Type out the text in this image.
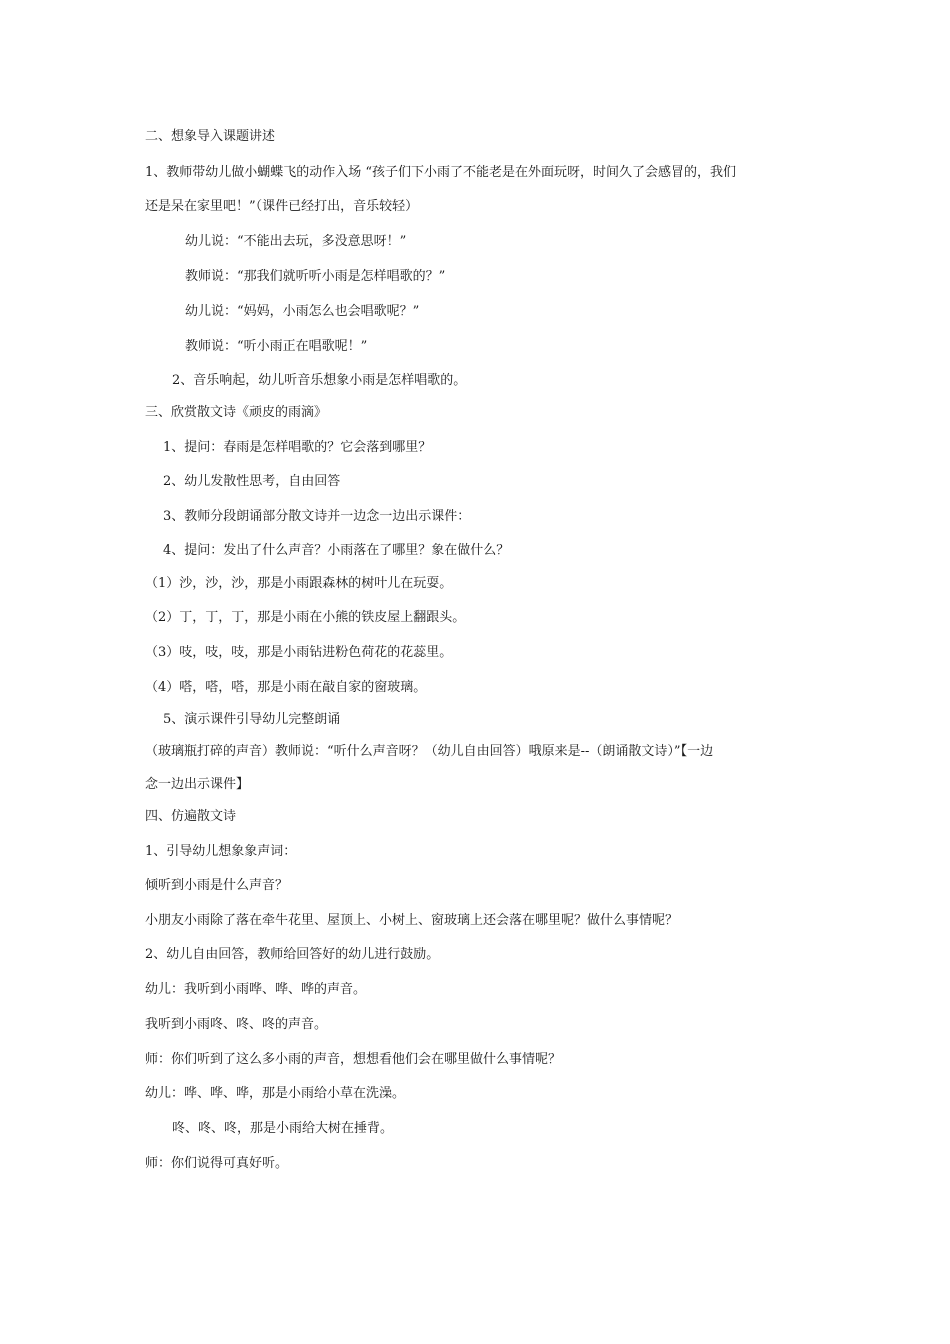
二、想象导入课题讲述
1、教师带幼儿做小蝴蝶飞的动作入场 “孩子们下小雨了不能老是在外面玩呀，时间久了会感冒的，我们
还是呆在家里吧！”（课件已经打出，音乐较轻）
幼儿说：“不能出去玩，多没意思呀！”
教师说：“那我们就听听小雨是怎样唱歌的？”
幼儿说：“妈妈，小雨怎么也会唱歌呢？”
教师说：“听小雨正在唱歌呢！”
2、音乐响起，幼儿听音乐想象小雨是怎样唱歌的。
三、欣赏散文诗《顽皮的雨滴》
1、提问：春雨是怎样唱歌的？它会落到哪里？
2、幼儿发散性思考，自由回答
3、教师分段朗诵部分散文诗并一边念一边出示课件：
4、提问：发出了什么声音？小雨落在了哪里？象在做什么？
（1）沙，沙，沙，那是小雨跟森林的树叶儿在玩耍。
（2）丁，丁，丁，那是小雨在小熊的铁皮屋上翻跟头。
（3）吱，吱，吱，那是小雨钻进粉色荷花的花蕊里。
（4）嗒，嗒，嗒，那是小雨在敲自家的窗玻璃。
5、演示课件引导幼儿完整朗诵
（玻璃瓶打碎的声音）教师说：“听什么声音呀？（幼儿自由回答）哦原来是--（朗诵散文诗）”【一边
念一边出示课件】
四、仿遍散文诗
1、引导幼儿想象象声词：
倾听到小雨是什么声音？
小朋友小雨除了落在牵牛花里、屋顶上、小树上、窗玻璃上还会落在哪里呢？做什么事情呢？
2、幼儿自由回答，教师给回答好的幼儿进行鼓励。
幼儿：我听到小雨哗、哗、哗的声音。
我听到小雨咚、咚、咚的声音。
师：你们听到了这么多小雨的声音，想想看他们会在哪里做什么事情呢？
幼儿：哗、哗、哗，那是小雨给小草在洗澡。
咚、咚、咚，那是小雨给大树在捶背。
师：你们说得可真好听。
